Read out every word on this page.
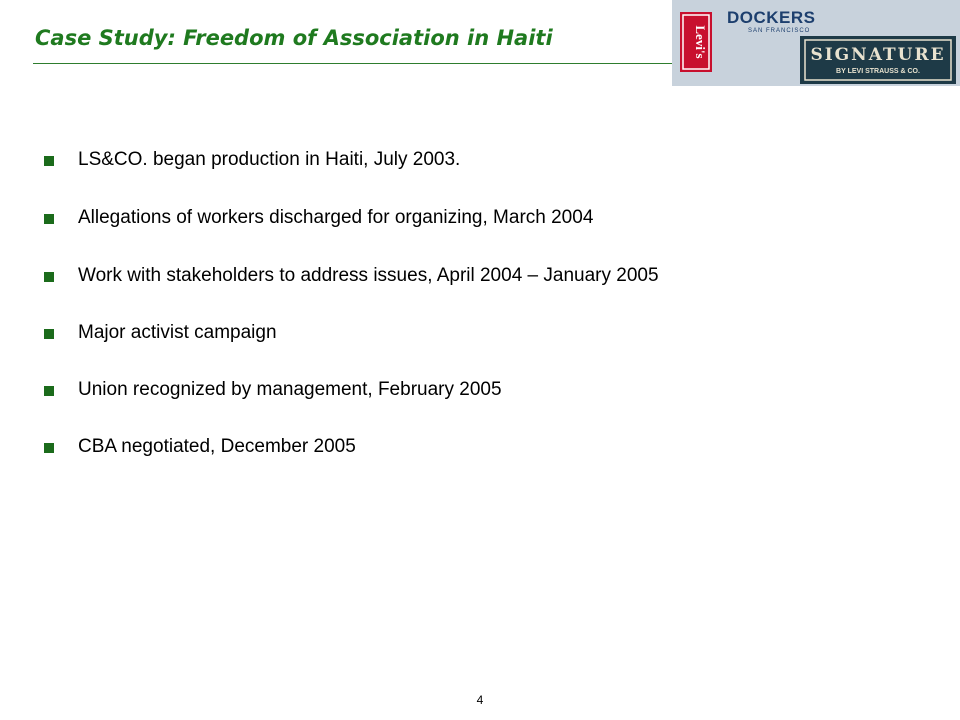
Case Study: Freedom of Association in Haiti	Levi's
DOCKERS
SAN FRANCISCO
SIGNATURE
BY LEVI STRAUSS & CO.
LS&CO. began production in Haiti, July 2003.
Allegations of workers discharged for organizing, March 2004
Work with stakeholders to address issues, April 2004 – January 2005
Major activist campaign
Union recognized by management, February 2005
CBA negotiated, December 2005
4
